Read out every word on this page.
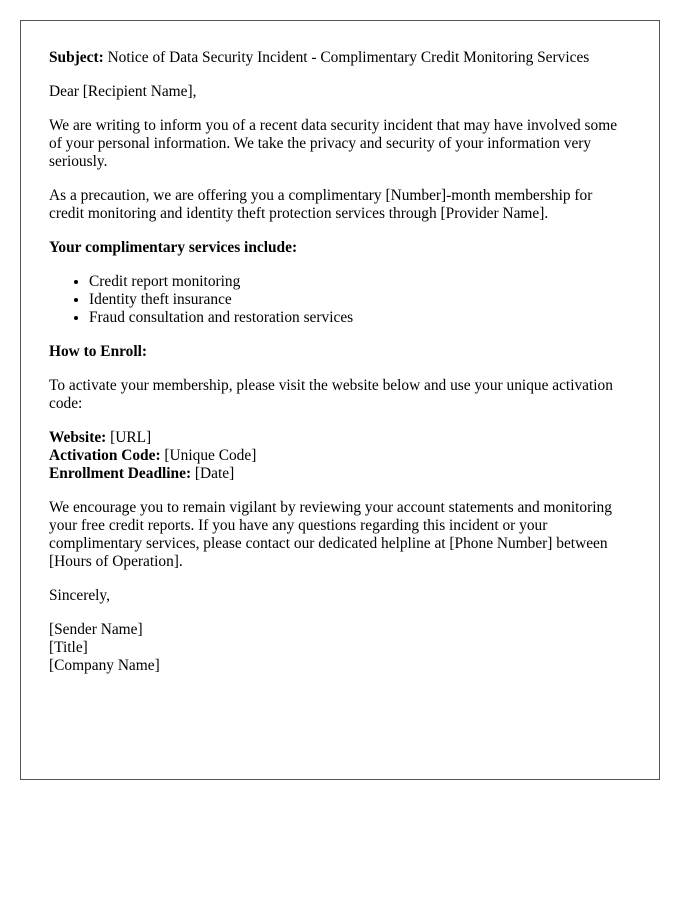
Subject: Notice of Data Security Incident - Complimentary Credit Monitoring Services

Dear [Recipient Name],

We are writing to inform you of a recent data security incident that may have involved some of your personal information. We take the privacy and security of your information very seriously.

As a precaution, we are offering you a complimentary [Number]-month membership for credit monitoring and identity theft protection services through [Provider Name].

Your complimentary services include:

• Credit report monitoring
• Identity theft insurance
• Fraud consultation and restoration services

How to Enroll:

To activate your membership, please visit the website below and use your unique activation code:

Website: [URL]
Activation Code: [Unique Code]
Enrollment Deadline: [Date]

We encourage you to remain vigilant by reviewing your account statements and monitoring your free credit reports. If you have any questions regarding this incident or your complimentary services, please contact our dedicated helpline at [Phone Number] between [Hours of Operation].

Sincerely,

[Sender Name]
[Title]
[Company Name]
